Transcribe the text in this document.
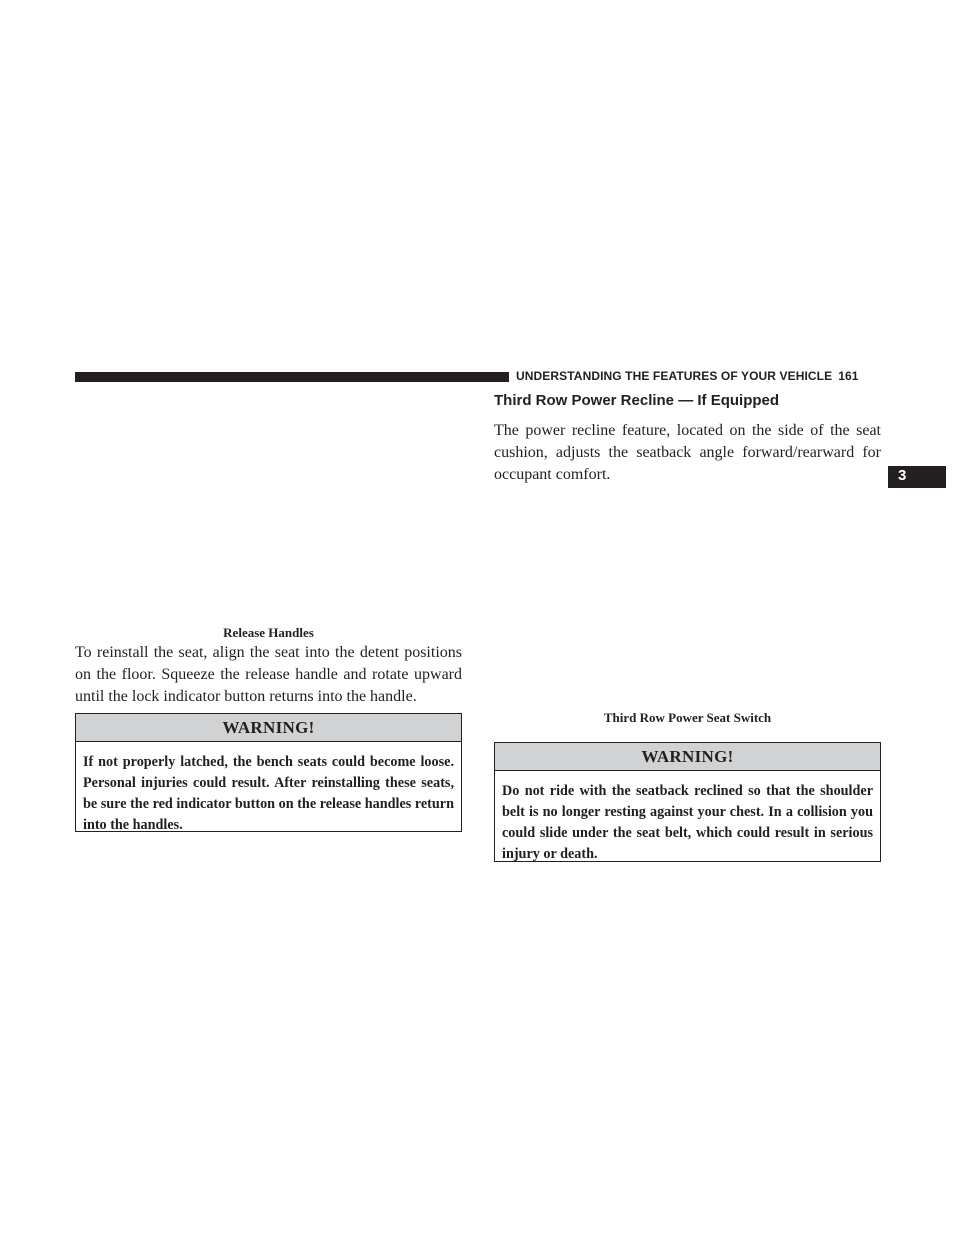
UNDERSTANDING THE FEATURES OF YOUR VEHICLE 161
3
Release Handles

To reinstall the seat, align the seat into the detent positions on the floor. Squeeze the release handle and rotate upward until the lock indicator button returns into the handle.

WARNING!

If not properly latched, the bench seats could become loose. Personal injuries could result. After reinstalling these seats, be sure the red indicator button on the release handles return into the handles.

Third Row Power Recline — If Equipped

The power recline feature, located on the side of the seat cushion, adjusts the seatback angle forward/rearward for occupant comfort.

Third Row Power Seat Switch
WARNING!

Do not ride with the seatback reclined so that the shoulder belt is no longer resting against your chest. In a collision you could slide under the seat belt, which could result in serious injury or death.
